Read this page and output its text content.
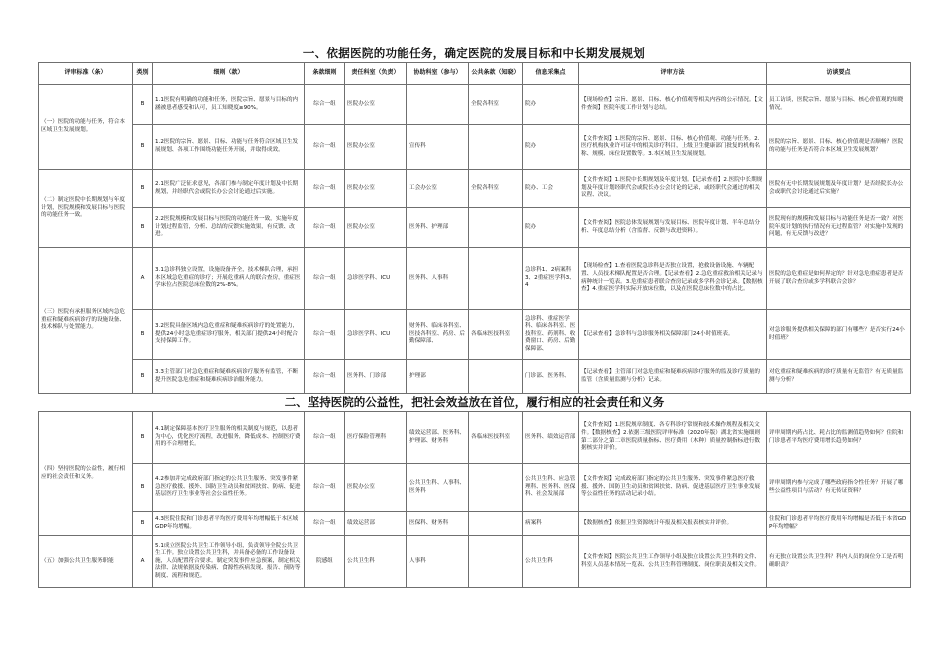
一、依据医院的功能任务，确定医院的发展目标和中长期发展规划
评审标准（条）	类别	细则（款）	条款细则	责任科室（负责）	协助科室（参与）	公共条款（知晓）	信息采集点	评审方法	访谈要点
（一）医院的功能与任务，符合本区域卫生发展规划。	B	1.1医院有明确的功能和任务，医院宗旨、愿景与目标的内涵被患者感受和认可，员工知晓度≥90%。	综合一组	医院办公室		全院各科室	院办	【现场检查】宗旨、愿景、目标、核心价值观等相关内容的公示情况。【文件查阅】医院年度工作计划与总结。	员工访谈，医院宗旨、愿景与目标、核心价值观的知晓情况。
	B	1.2医院的宗旨、愿景、目标、功能与任务符合区域卫生发展规划、各项工作围绕功能任务开展，并取得成效。	综合一组	医院办公室	宣传科		院办	【文件查阅】1.医院的宗旨、愿景、目标、核心价值观、功能与任务。2.医疗机构执业许可证中的相关诊疗科目，上级卫生健康部门批复的机构名称、规模、床位设置数等。3.本区域卫生发展规划。	医院的宗旨、愿景、目标、核心价值观是否顺畅？医院的功能与任务是否符合本区域卫生发展规划？
（二）制定医院中长期规划与年度计划，医院规模和发展目标与医院的功能任务一致。	B	2.1医院广泛征求意见，各部门参与制定年度计划及中长期规划，并经职代会或院长办公会讨论通过后实施。	综合一组	医院办公室	工会办公室	全院各科室	院办、工会	【文件查阅】1.医院中长期规划及年度计划。【记录查看】2.医院中长期规划及年度计划经职代会或院长办公会讨论的记录，或经职代会通过的相关议程、决议。	医院有无中长期发展规划及年度计划？是否经院长办公会或职代会讨论通过后实施？
	B	2.2医院规模和发展目标与医院的功能任务一致，实施年度计划过程监管，分析、总结的反馈实施效果，有反馈、改进。	综合一组	医院办公室	医务科、护理部		院办	【文件查阅】医院总体发展规划与发展目标、医院年度计划、半年总结分析、年度总结分析（含监督、反馈与改进资料）。	医院现有的规模和发展目标与功能任务是否一致？对医院年度计划的执行情况有无过程监管？对实施中发现的问题，有无反馈与改进？
（三）医院有承担服务区域内急危重症和疑难疾病诊疗的设施设备、技术梯队与处置能力。	A	3.1急诊科独立设置，设施设备齐全，技术梯队合理，承担本区域急危重症的诊疗；开展危重病人的联合查房，重症医学床位占医院总床位数的2%-8%。	综合一组	急诊医学科、ICU	医务科、人事科		急诊科1、2病案科3、2重症医学科3、4	【现场检查】1.查看医院急诊科是否独立设置，抢救设备设施、车辆配置、人员技术梯队配置是否合理。【记录查看】2.急危重症救治相关记录与病种统计一览表。3.危重症患者联合查房记录或多学科会诊记录。【数据核查】4.重症医学科实际开放床位数，以及在医院总床位数中的占比。	医院的急危重症是如何界定的？针对急危重症患者是否开展了联合查房或多学科联合会诊？
	B	3.2医院具备区域内急危重症和疑难疾病诊疗的处置能力，提供24小时急危重症诊疗服务，相关部门提供24小时配合支持保障工作。	综合一组	急诊医学科、ICU	财务科、临床各科室、医技各科室、药房、后勤保障部、	各临床医技科室	急诊科、重症医学科、临床各科室、医技科室、药剂科、收费窗口、药房、后勤保障部、	【记录查看】急诊科与急诊服务相关保障部门24小时值班表。	对急诊服务提供相关保障的部门有哪些？是否实行24小时值班？
	B	3.3主管部门对急危重症和疑难疾病诊疗服务有监管，不断提升医院急危重症和疑难疾病诊治服务能力。	综合一组	医务科、门诊部	护理部		门诊部、医务科、	【记录查看】主管部门对急危重症和疑难疾病诊疗服务的监及诊疗质量的监管（含质量监测与分析）记录。	对危重症和疑难疾病的诊疗质量有无监管？有无质量监测与分析？
二、坚持医院的公益性，把社会效益放在首位，履行相应的社会责任和义务									
（四）坚持医院的公益性，履行相应的社会责任和义务。	B	4.1制定保障基本医疗卫生服务的相关制度与规范，以患者为中心，优化医疗流程，改进服务，降低成本、控制医疗费用的不合理增长。	综合一组	医疗保险管理科	绩效运营部、医务科、护理部、财务科	各临床医技科室	医务科、绩效运营部	【文件查阅】1.医院规章制度、各专科诊疗常规和技术操作规程及相关文件。【数据核查】2.依据三级医院评审标准（2020年版）湖北省实施细则第二部分之第二章医院质量指标、医疗费用（木种）质量控制指标进行数据核实并评价。	评审周期内药占比、耗占比的监测值趋势如何？住院和门诊患者平均医疗费用增长趋势如何？
	B	4.2参加并完成政府部门指定的公共卫生服务、突发事件紧急医疗救援、援外、国防卫生动员和贫困扶贫、防病、促进基层医疗卫生事业等社会公益性任务。	综合一组	医院办公室	公共卫生科、人事科、医务科		公共卫生科、应急管理科、医务科、医保科、社会发展部	【文件查阅】完成政府部门指定的公共卫生服务、突发事件紧急医疗救援、援外、国防卫生动员和贫困扶贫、防病、促进基层医疗卫生事业发展等公益性任务的活动记录小结。	评审周期内参与完成了哪些政府指令性任务？开展了哪些公益性项目与活动？有无传证资料？
	B	4.3医院住院和门诊患者平均医疗费用年均增幅低于本区域GDP年均增幅。	综合一组	绩效运营部	医保科、财务科		病案科	【数据核查】依据卫生资源统计年报及相关报表核实并评价。	住院和门诊患者平均医疗费用年均增幅是否低于本省GDP年均增幅？
（五）加强公共卫生服务职能	A	5.1成立医院公共卫生工作领导小组，负责领导全院公共卫生工作。独立设置公共卫生科，并具备必备的工作设备设施，人员配置符合要求。制定突发事件应急预案，制定相关法律、法规依据及传染病、食源性疾病发现、报告、预防等制度、流程和规范。	院感组	公共卫生科	人事科		公共卫生科	【文件查阅】医院公共卫生工作领导小组及独立设置公共卫生科的文件、科室人员基本情况一览表、公共卫生科管理制度、岗位职责及相关文件。	有无独立设置公共卫生科？科内人员的岗位分工是否明确职责？
